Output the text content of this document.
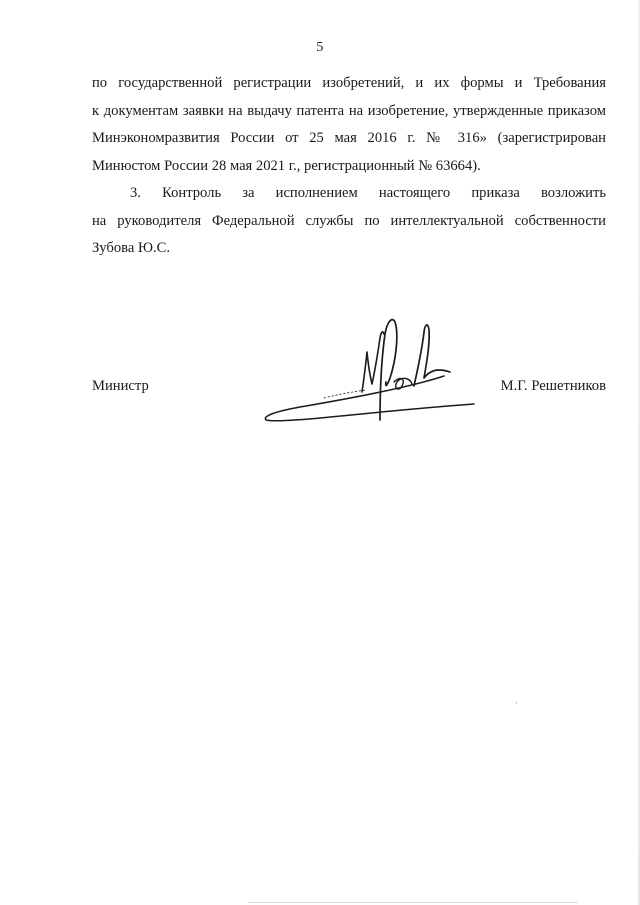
5

по государственной регистрации изобретений, и их формы и Требования
к документам заявки на выдачу патента на изобретение, утвержденные приказом
Минэкономразвития России от 25 мая 2016 г. № 316» (зарегистрирован
Минюстом России 28 мая 2021 г., регистрационный № 63664).

3. Контроль за исполнением настоящего приказа возложить
на руководителя Федеральной службы по интеллектуальной собственности
Зубова Ю.С.

Министр	М.Г. Решетников
